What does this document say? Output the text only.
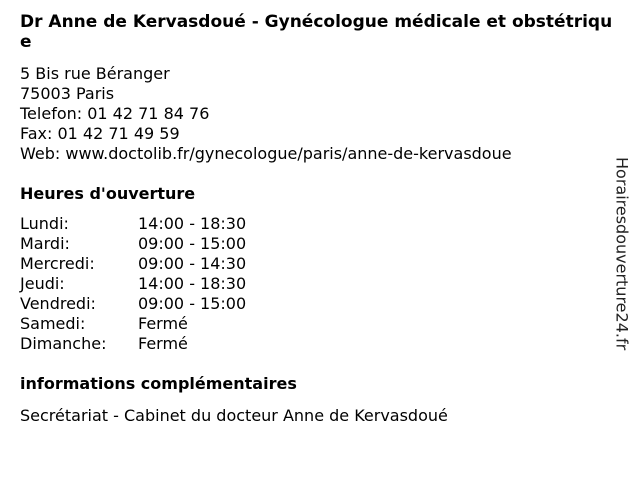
Dr Anne de Kervasdoué - Gynécologue médicale et obstétrique
5 Bis rue Béranger
75003 Paris
Telefon: 01 42 71 84 76
Fax: 01 42 71 49 59
Web: www.doctolib.fr/gynecologue/paris/anne-de-kervasdoue
Heures d'ouverture
Lundi:	14:00 - 18:30
Mardi:	09:00 - 15:00
Mercredi:	09:00 - 14:30
Jeudi:	14:00 - 18:30
Vendredi:	09:00 - 15:00
Samedi:	Fermé
Dimanche:	Fermé
informations complémentaires
Secrétariat - Cabinet du docteur Anne de Kervasdoué
Horairesdouverture24.fr
